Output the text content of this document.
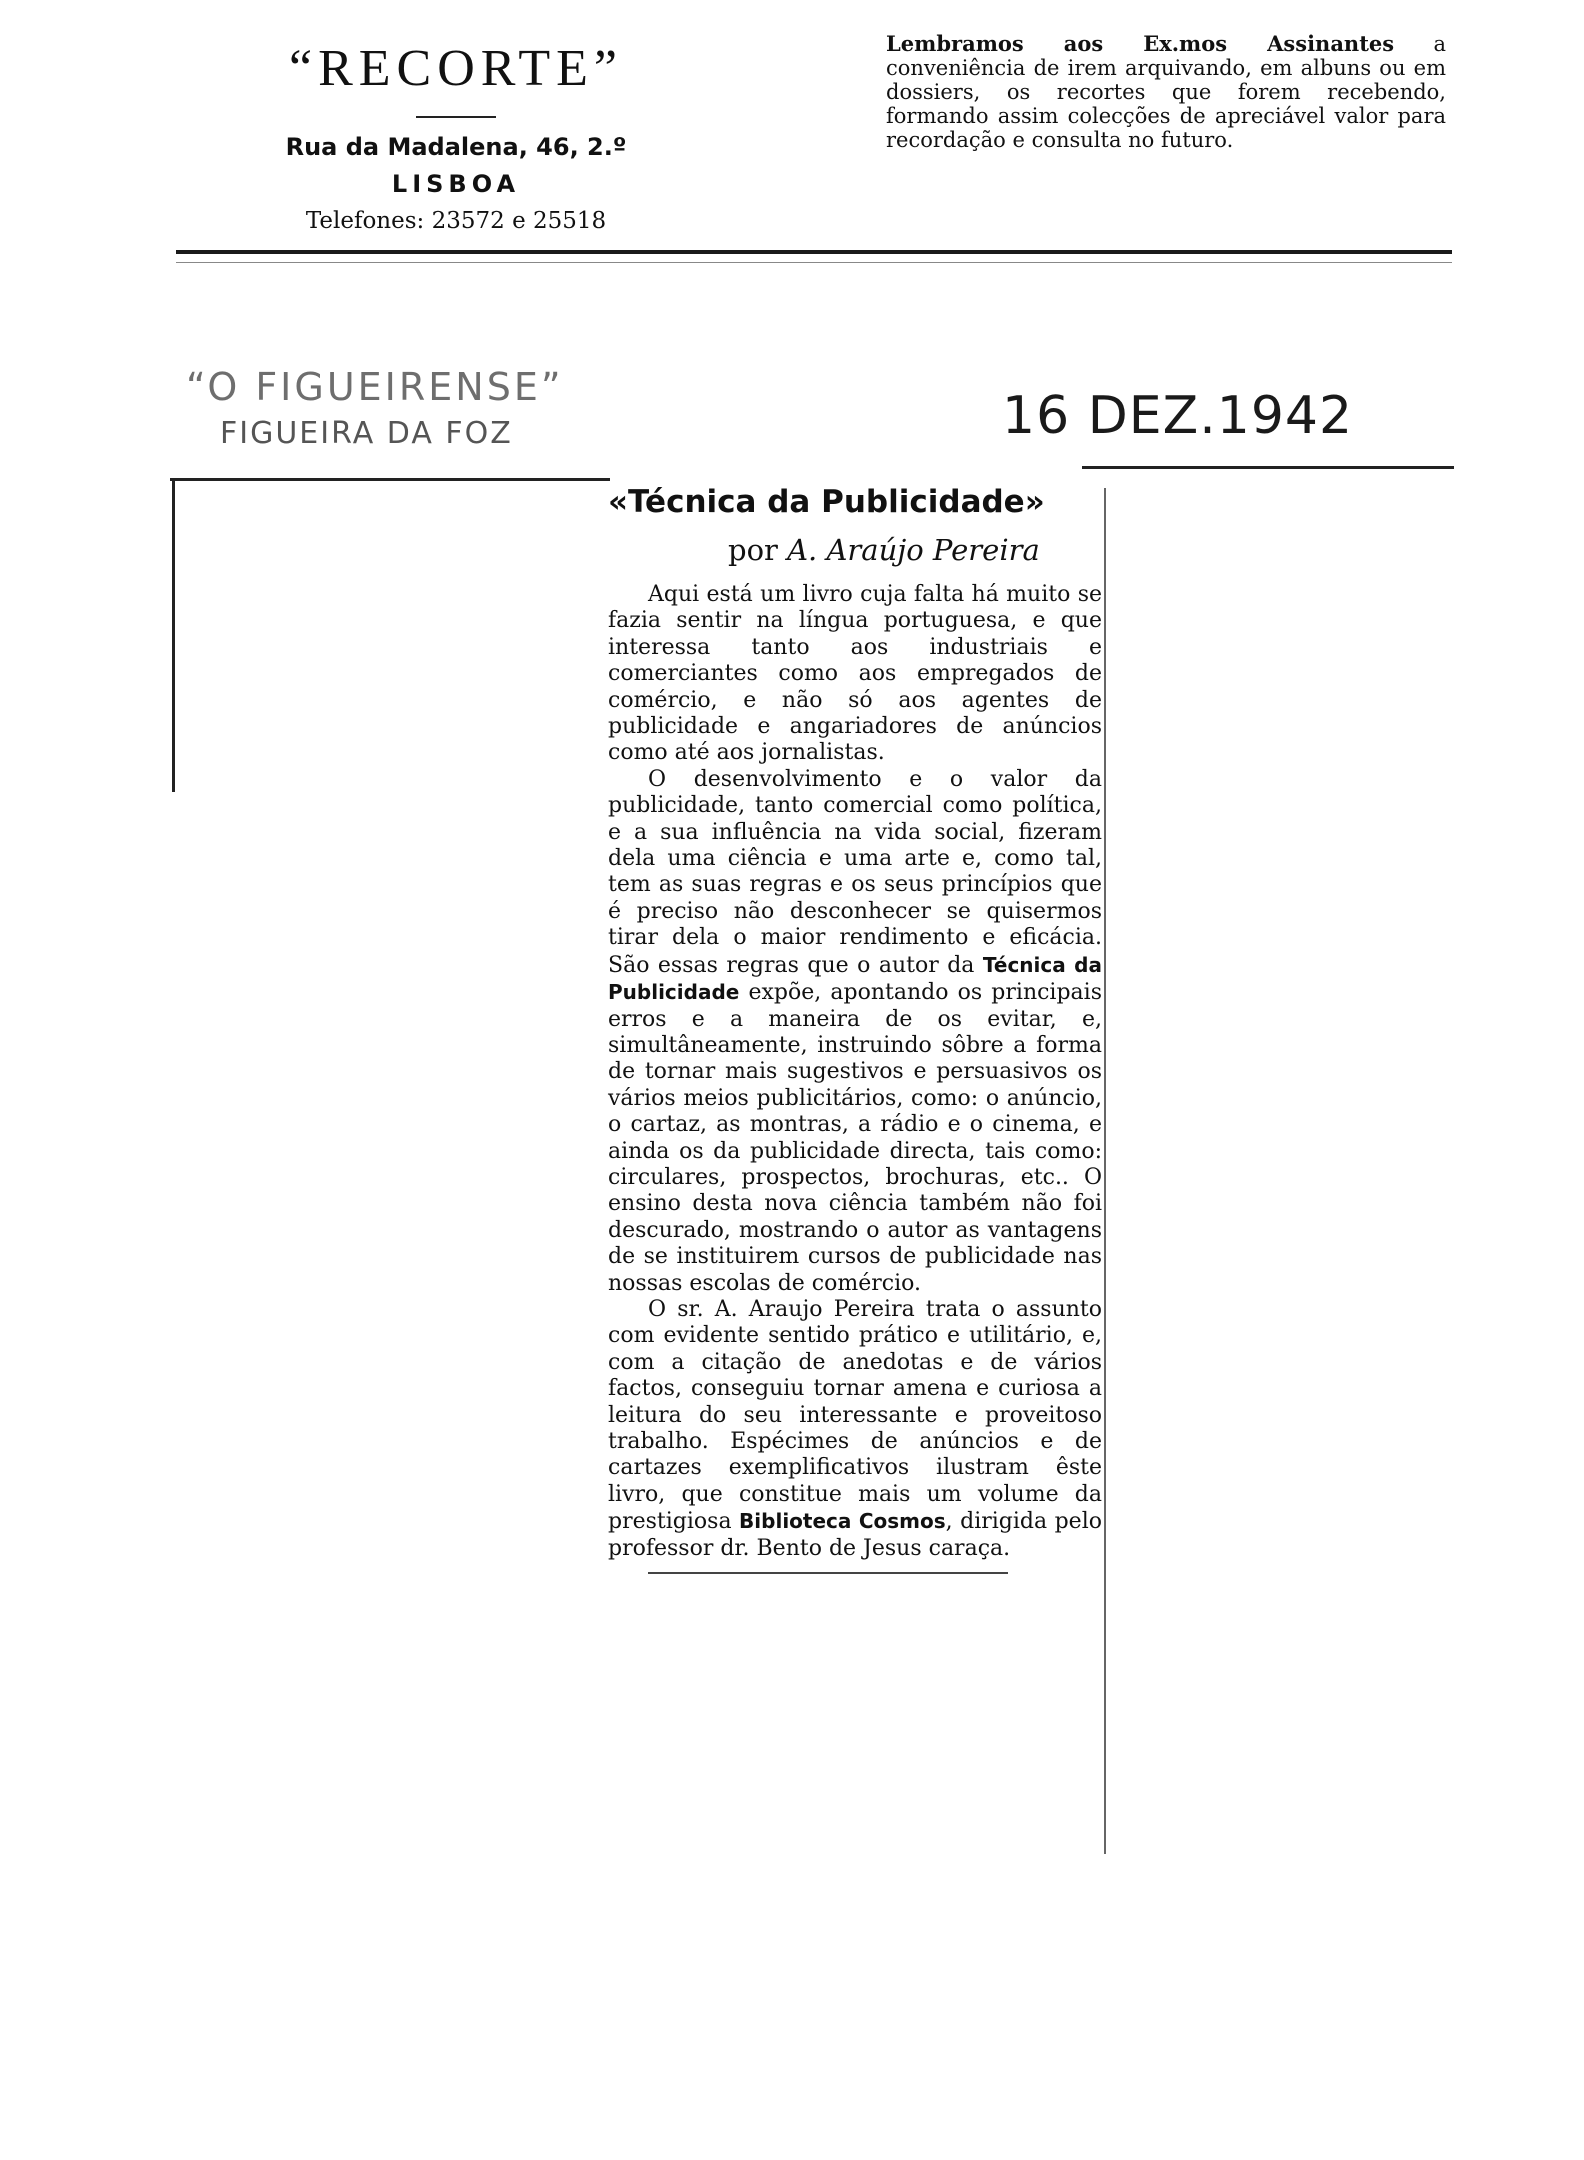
“RECORTE”
Rua da Madalena, 46, 2.º
LISBOA
Telefones: 23572 e 25518
Lembramos aos Ex.mos Assinantes a conveniência de irem arquivando, em albuns ou em dossiers, os recortes que forem recebendo, formando assim colecções de apreciável valor para recordação e consulta no futuro.
“O FIGUEIRENSE”
FIGUEIRA DA FOZ	16 DEZ.1942
«Técnica da Publicidade»
por A. Araújo Pereira

Aqui está um livro cuja falta há muito se fazia sentir na língua portuguesa, e que interessa tanto aos industriais e comerciantes como aos empregados de comércio, e não só aos agentes de publicidade e angariadores de anúncios como até aos jornalistas.

O desenvolvimento e o valor da publicidade, tanto comercial como política, e a sua influência na vida social, fizeram dela uma ciência e uma arte e, como tal, tem as suas regras e os seus princípios que é preciso não desconhecer se quisermos tirar dela o maior rendimento e eficácia. São essas regras que o autor da Técnica da Publicidade expõe, apontando os principais erros e a maneira de os evitar, e, simultâneamente, instruindo sôbre a forma de tornar mais sugestivos e persuasivos os vários meios publicitários, como: o anúncio, o cartaz, as montras, a rádio e o cinema, e ainda os da publicidade directa, tais como: circulares, prospectos, brochuras, etc.. O ensino desta nova ciência também não foi descurado, mostrando o autor as vantagens de se instituirem cursos de publicidade nas nossas escolas de comércio.

O sr. A. Araujo Pereira trata o assunto com evidente sentido prático e utilitário, e, com a citação de anedotas e de vários factos, conseguiu tornar amena e curiosa a leitura do seu interessante e proveitoso trabalho. Espécimes de anúncios e de cartazes exemplificativos ilustram êste livro, que constitue mais um volume da prestigiosa Biblioteca Cosmos, dirigida pelo professor dr. Bento de Jesus caraça.
